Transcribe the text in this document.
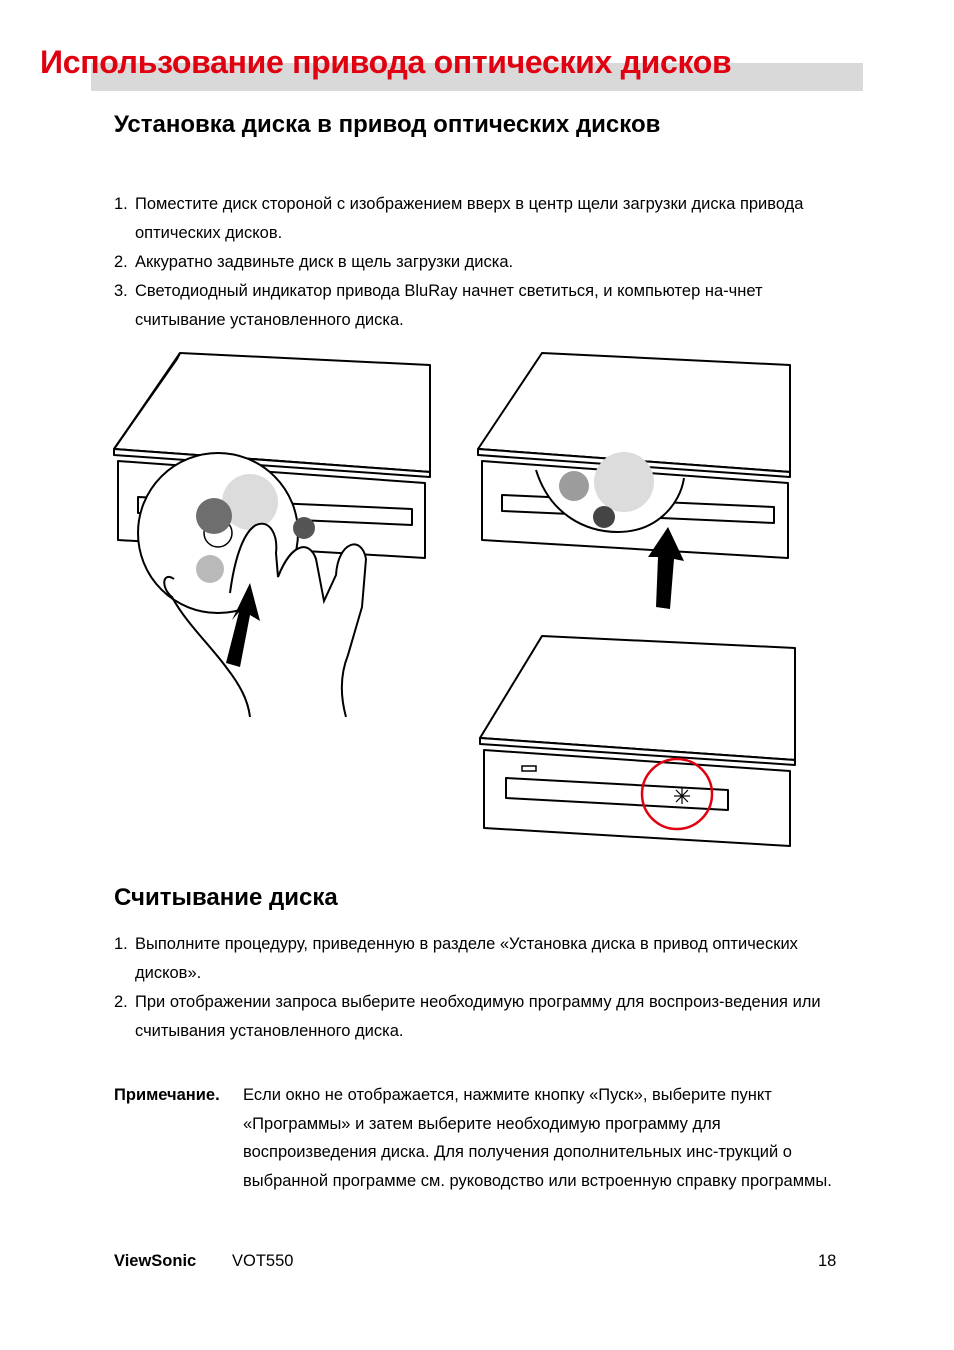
Использование привода оптических дисков
Установка диска в привод оптических дисков
1. Поместите диск стороной с изображением вверх в центр щели загрузки диска привода оптических дисков.
2. Аккуратно задвиньте диск в щель загрузки диска.
3. Светодиодный индикатор привода BluRay начнет светиться, и компьютер на-чнет считывание установленного диска.
Считывание диска
1. Выполните процедуру, приведенную в разделе «Установка диска в привод оптических дисков».
2. При отображении запроса выберите необходимую программу для воспроиз-ведения или считывания установленного диска.
Примечание. Если окно не отображается, нажмите кнопку «Пуск», выберите пункт «Программы» и затем выберите необходимую программу для воспроизведения диска. Для получения дополнительных инс-трукций о выбранной программе см. руководство или встроенную справку программы.
ViewSonic VOT550	18
